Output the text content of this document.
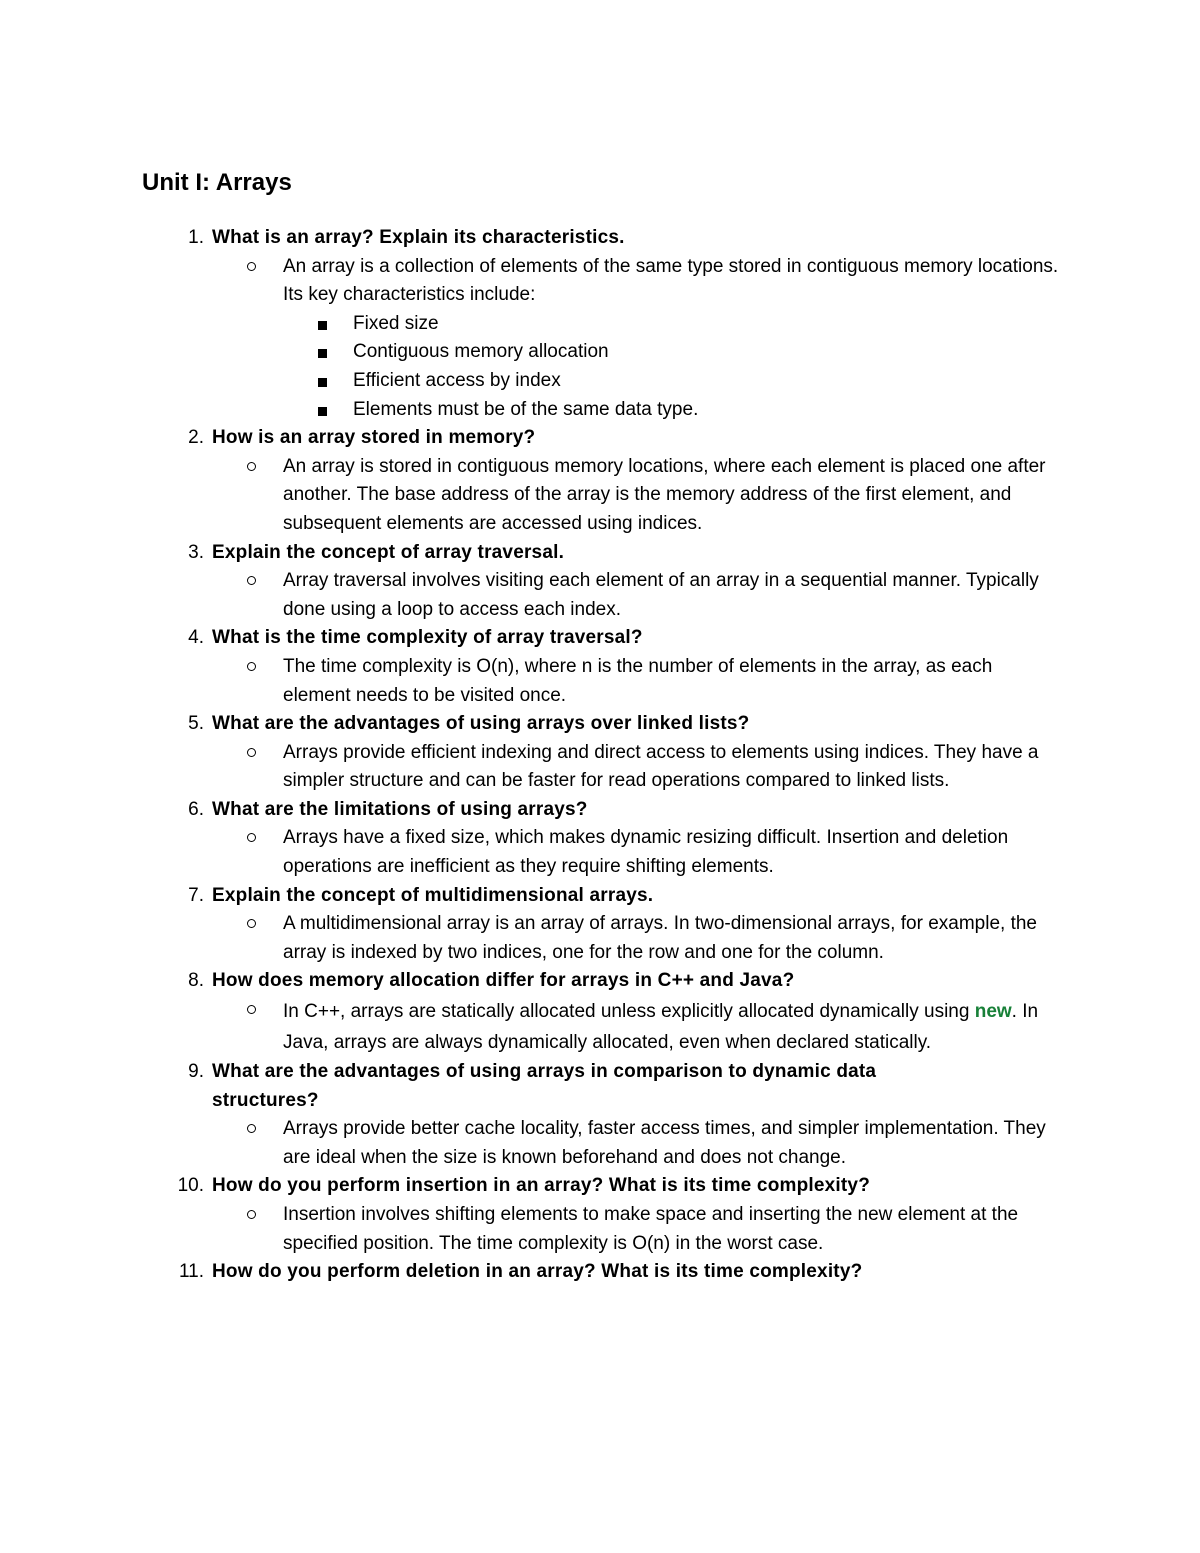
Unit I: Arrays
1. What is an array? Explain its characteristics.
An array is a collection of elements of the same type stored in contiguous memory locations. Its key characteristics include:
Fixed size
Contiguous memory allocation
Efficient access by index
Elements must be of the same data type.
2. How is an array stored in memory?
An array is stored in contiguous memory locations, where each element is placed one after another. The base address of the array is the memory address of the first element, and subsequent elements are accessed using indices.
3. Explain the concept of array traversal.
Array traversal involves visiting each element of an array in a sequential manner. Typically done using a loop to access each index.
4. What is the time complexity of array traversal?
The time complexity is O(n), where n is the number of elements in the array, as each element needs to be visited once.
5. What are the advantages of using arrays over linked lists?
Arrays provide efficient indexing and direct access to elements using indices. They have a simpler structure and can be faster for read operations compared to linked lists.
6. What are the limitations of using arrays?
Arrays have a fixed size, which makes dynamic resizing difficult. Insertion and deletion operations are inefficient as they require shifting elements.
7. Explain the concept of multidimensional arrays.
A multidimensional array is an array of arrays. In two-dimensional arrays, for example, the array is indexed by two indices, one for the row and one for the column.
8. How does memory allocation differ for arrays in C++ and Java?
In C++, arrays are statically allocated unless explicitly allocated dynamically using new. In Java, arrays are always dynamically allocated, even when declared statically.
9. What are the advantages of using arrays in comparison to dynamic data structures?
Arrays provide better cache locality, faster access times, and simpler implementation. They are ideal when the size is known beforehand and does not change.
10. How do you perform insertion in an array? What is its time complexity?
Insertion involves shifting elements to make space and inserting the new element at the specified position. The time complexity is O(n) in the worst case.
11. How do you perform deletion in an array? What is its time complexity?
